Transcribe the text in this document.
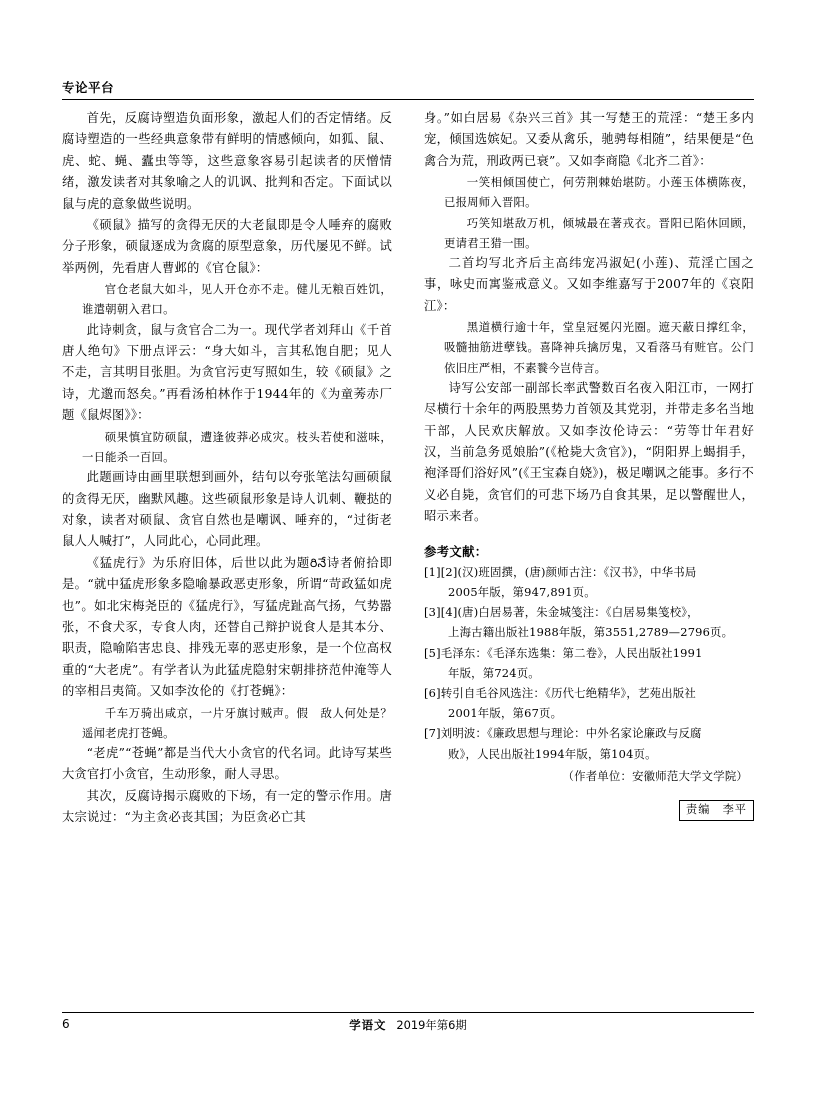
专论平台

首先，反腐诗塑造负面形象，激起人们的否定情绪。反腐诗塑造的一些经典意象带有鲜明的情感倾向，如狐、鼠、虎、蛇、蝇、蠹虫等等，这些意象容易引起读者的厌憎情绪，激发读者对其象喻之人的讥讽、批判和否定。下面试以鼠与虎的意象做些说明。

《硕鼠》描写的贪得无厌的大老鼠即是令人唾弃的腐败分子形象，硕鼠逐成为贪腐的原型意象，历代屡见不鲜。试举两例，先看唐人曹邺的《官仓鼠》：

官仓老鼠大如斗，见人开仓亦不走。健儿无粮百姓饥，谁遣朝朝入君口。

此诗刺贪，鼠与贪官合二为一。现代学者刘拜山《千首唐人绝句》下册点评云：“身大如斗，言其私饱自肥；见人不走，言其明目张胆。为贪官污吏写照如生，较《硕鼠》之诗，尤邈而怒矣。”再看汤柏林作于1944年的《为童莠赤厂题《鼠烬图》》：

硕果慎宜防硕鼠，遭逢彼莽必成灾。枝头若使和滋味，一日能杀一百回。

此题画诗由画里联想到画外，结句以夸张笔法勾画硕鼠的贪得无厌，幽默风趣。这些硕鼠形象是诗人讥刺、鞭挞的对象，读者对硕鼠、贪官自然也是嘲讽、唾弃的，“过街老鼠人人喊打”，人同此心，心同此理。

《猛虎行》为乐府旧体，后世以此为题రినే诗者俯拾即是。“就中猛虎形象多隐喻暴政恶吏形象，所谓“苛政猛如虎也”。如北宋梅尧臣的《猛虎行》，写猛虎趾高气扬，气势嚣张，不食犬豕，专食人肉，还替自己辩护说食人是其本分、职责，隐喻陷害忠良、排残无辜的恶吏形象，是一个位高权重的“大老虎”。有学者认为此猛虎隐射宋朝排挤范仲淹等人的宰相吕夷简。又如李汝伦的《打苍蝇》：

千车万骑出咸京，一片牙旗讨贼声。假　敌人何处是？遥闻老虎打苍蝇。

“老虎”“苍蝇”都是当代大小贪官的代名词。此诗写某些大贪官打小贪官，生动形象，耐人寻思。

其次，反腐诗揭示腐败的下场，有一定的警示作用。唐太宗说过：“为主贪必丧其国；为臣贪必亡其

身。”如白居易《杂兴三首》其一写楚王的荒淫：“楚王多内宠，倾国选嫔妃。又委从禽乐，驰骋每相随”，结果便是“色禽合为荒，刑政两已衰”。又如李商隐《北齐二首》：

一笑相倾国使亡，何劳荆棘始堪防。小莲玉体横陈夜，已报周师入晋阳。

巧笑知堪敌万机，倾城最在著戎衣。晋阳已陷休回顾，更请君王猎一围。

二首均写北齐后主高纬宠冯淑妃(小莲)、荒淫亡国之事，咏史而寓鉴戒意义。又如李维嘉写于2007年的《哀阳江》：

黑道横行逾十年，堂皇冠冕闪光圈。遮天蔽日撑红伞，吸髓抽筋进孽钱。喜降神兵擒厉鬼，又看落马有赃官。公门依旧庄严相，不素餮今岂侍言。

诗写公安部一副部长率武警数百名夜入阳江市，一网打尽横行十余年的两股黑势力首领及其党羽，并带走多名当地干部，人民欢庆解放。又如李汝伦诗云：“劳等廿年君好汉，当前急务觅娘胎”(《枪毙大贪官》)，“阴阳界上蝎捐手，袍泽哥们浴好风”(《王宝森自娆》)，极足嘲讽之能事。多行不义必自毙，贪官们的可悲下场乃自食其果，足以警醒世人，昭示来者。

参考文献：

[1][2](汉)班固撰，(唐)颜师古注：《汉书》，中华书局

2005年版，第947,891页。

[3][4](唐)白居易著，朱金城笺注：《白居易集笺校》，

上海古籍出版社1988年版，第3551,2789—2796页。

[5]毛泽东：《毛泽东选集：第二卷》，人民出版社1991

年版，第724页。

[6]转引自毛谷风选注：《历代七绝精华》，艺苑出版社

2001年版，第67页。

[7]刘明波：《廉政思想与理论：中外名家论廉政与反腐

败》，人民出版社1994年版，第104页。

（作者单位：安徽师范大学文学院）

责编　李平
6	学语文 2019年第6期
